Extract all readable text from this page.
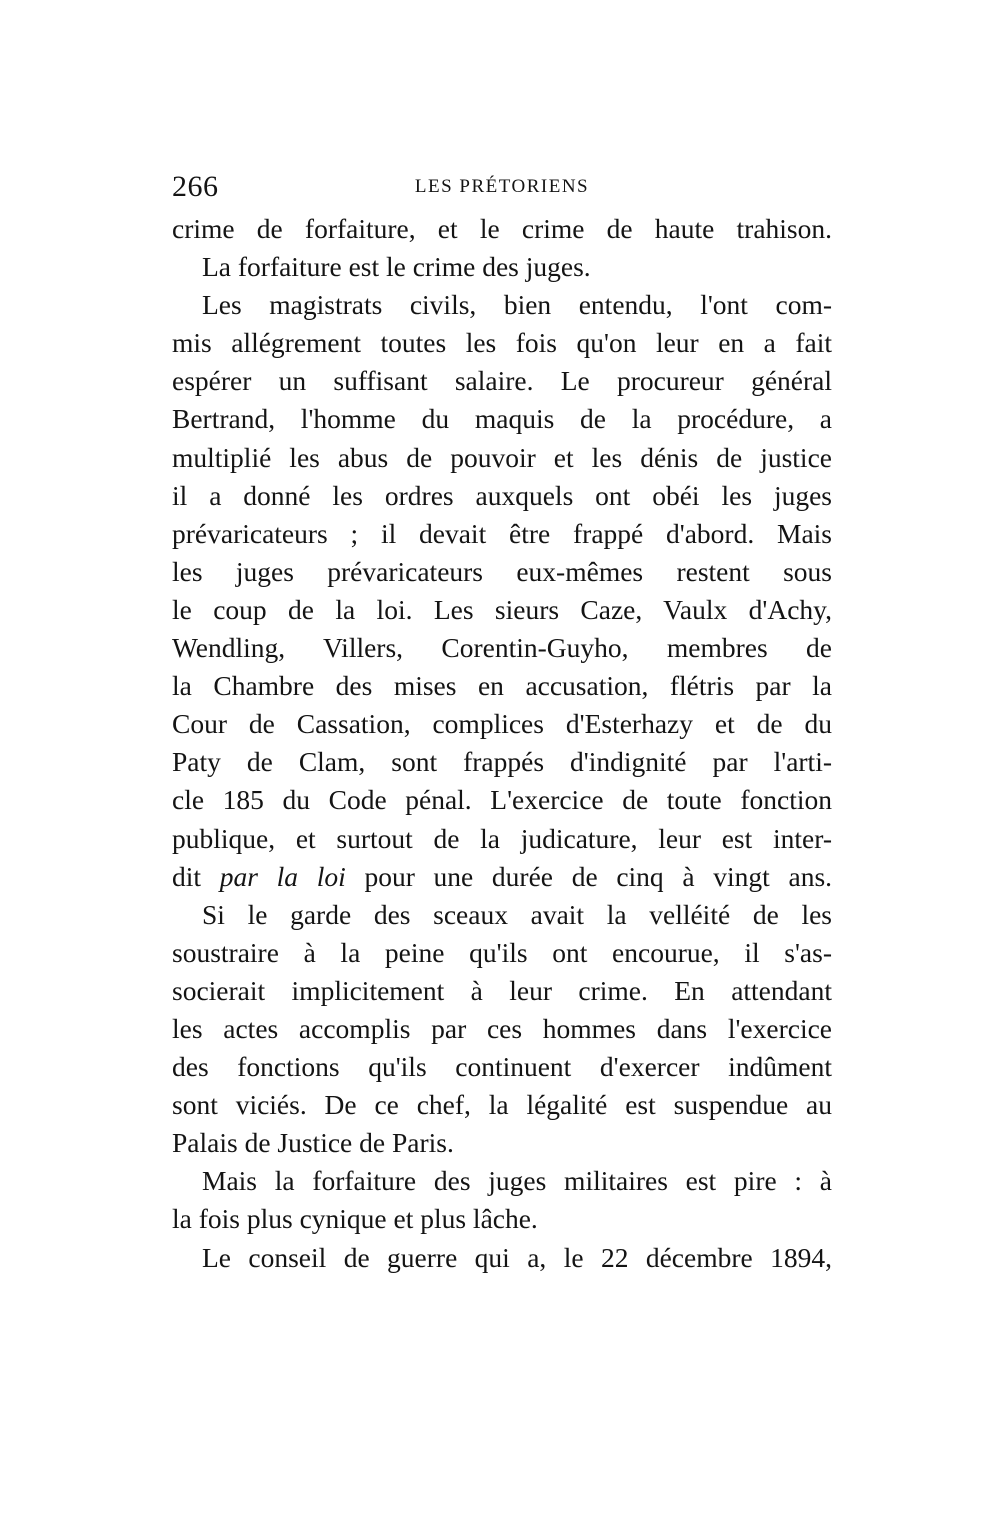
266	LES PRÉTORIENS
crime de forfaiture, et le crime de haute trahison.
La forfaiture est le crime des juges.
Les magistrats civils, bien entendu, l'ont com-
mis allégrement toutes les fois qu'on leur en a fait
espérer un suffisant salaire. Le procureur général
Bertrand, l'homme du maquis de la procédure, a
multiplié les abus de pouvoir et les dénis de justice
il a donné les ordres auxquels ont obéi les juges
prévaricateurs ; il devait être frappé d'abord. Mais
les juges prévaricateurs eux-mêmes restent sous
le coup de la loi. Les sieurs Caze, Vaulx d'Achy,
Wendling, Villers, Corentin-Guyho, membres de
la Chambre des mises en accusation, flétris par la
Cour de Cassation, complices d'Esterhazy et de du
Paty de Clam, sont frappés d'indignité par l'arti-
cle 185 du Code pénal. L'exercice de toute fonction
publique, et surtout de la judicature, leur est inter-
dit par la loi pour une durée de cinq à vingt ans.
Si le garde des sceaux avait la velléité de les
soustraire à la peine qu'ils ont encourue, il s'as-
socierait implicitement à leur crime. En attendant
les actes accomplis par ces hommes dans l'exercice
des fonctions qu'ils continuent d'exercer indûment
sont viciés. De ce chef, la légalité est suspendue au
Palais de Justice de Paris.
Mais la forfaiture des juges militaires est pire : à
la fois plus cynique et plus lâche.
Le conseil de guerre qui a, le 22 décembre 1894,
